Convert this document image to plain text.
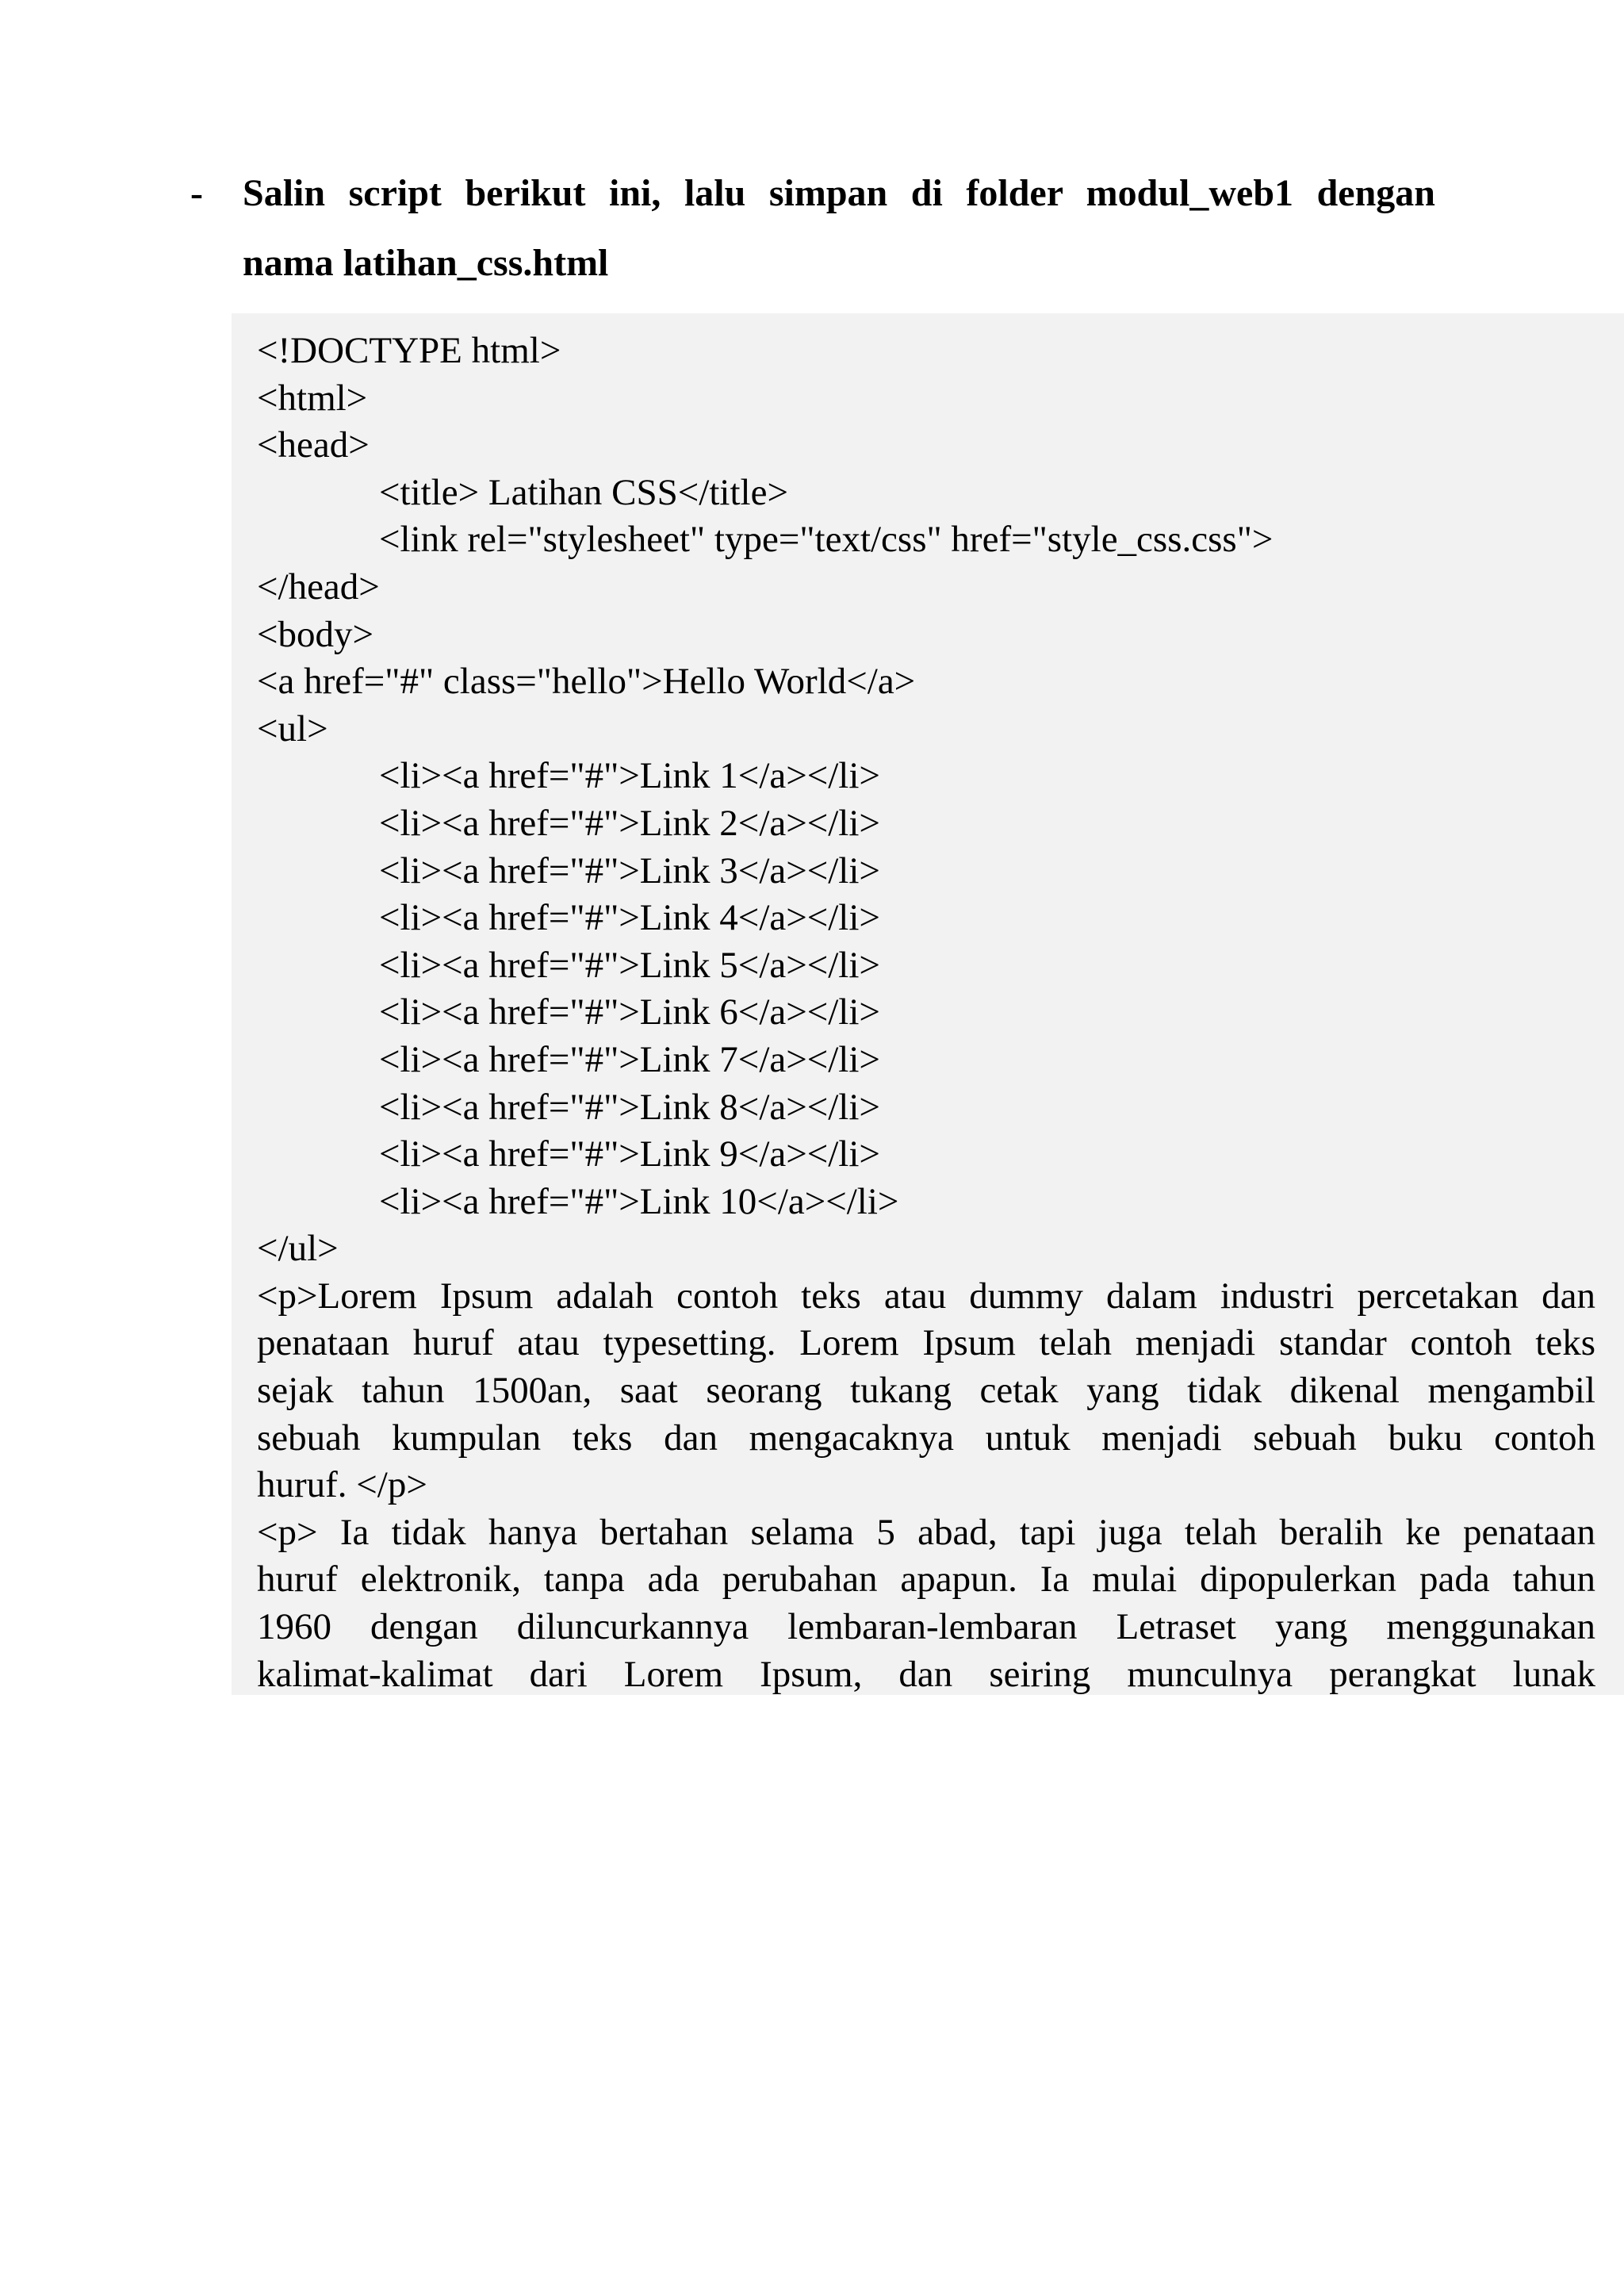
- Salin script berikut ini, lalu simpan di folder modul_web1 dengan
nama latihan_css.html
<!DOCTYPE html>
<html>
<head>
<title> Latihan CSS</title>
<link rel="stylesheet" type="text/css" href="style_css.css">
</head>
<body>
<a href="#" class="hello">Hello World</a>
<ul>
<li><a href="#">Link 1</a></li>
<li><a href="#">Link 2</a></li>
<li><a href="#">Link 3</a></li>
<li><a href="#">Link 4</a></li>
<li><a href="#">Link 5</a></li>
<li><a href="#">Link 6</a></li>
<li><a href="#">Link 7</a></li>
<li><a href="#">Link 8</a></li>
<li><a href="#">Link 9</a></li>
<li><a href="#">Link 10</a></li>
</ul>
<p>Lorem Ipsum adalah contoh teks atau dummy dalam industri percetakan dan
penataan huruf atau typesetting. Lorem Ipsum telah menjadi standar contoh teks
sejak tahun 1500an, saat seorang tukang cetak yang tidak dikenal mengambil
sebuah kumpulan teks dan mengacaknya untuk menjadi sebuah buku contoh
huruf. </p>
<p> Ia tidak hanya bertahan selama 5 abad, tapi juga telah beralih ke penataan
huruf elektronik, tanpa ada perubahan apapun. Ia mulai dipopulerkan pada tahun
1960 dengan diluncurkannya lembaran-lembaran Letraset yang menggunakan
kalimat-kalimat dari Lorem Ipsum, dan seiring munculnya perangkat lunak
